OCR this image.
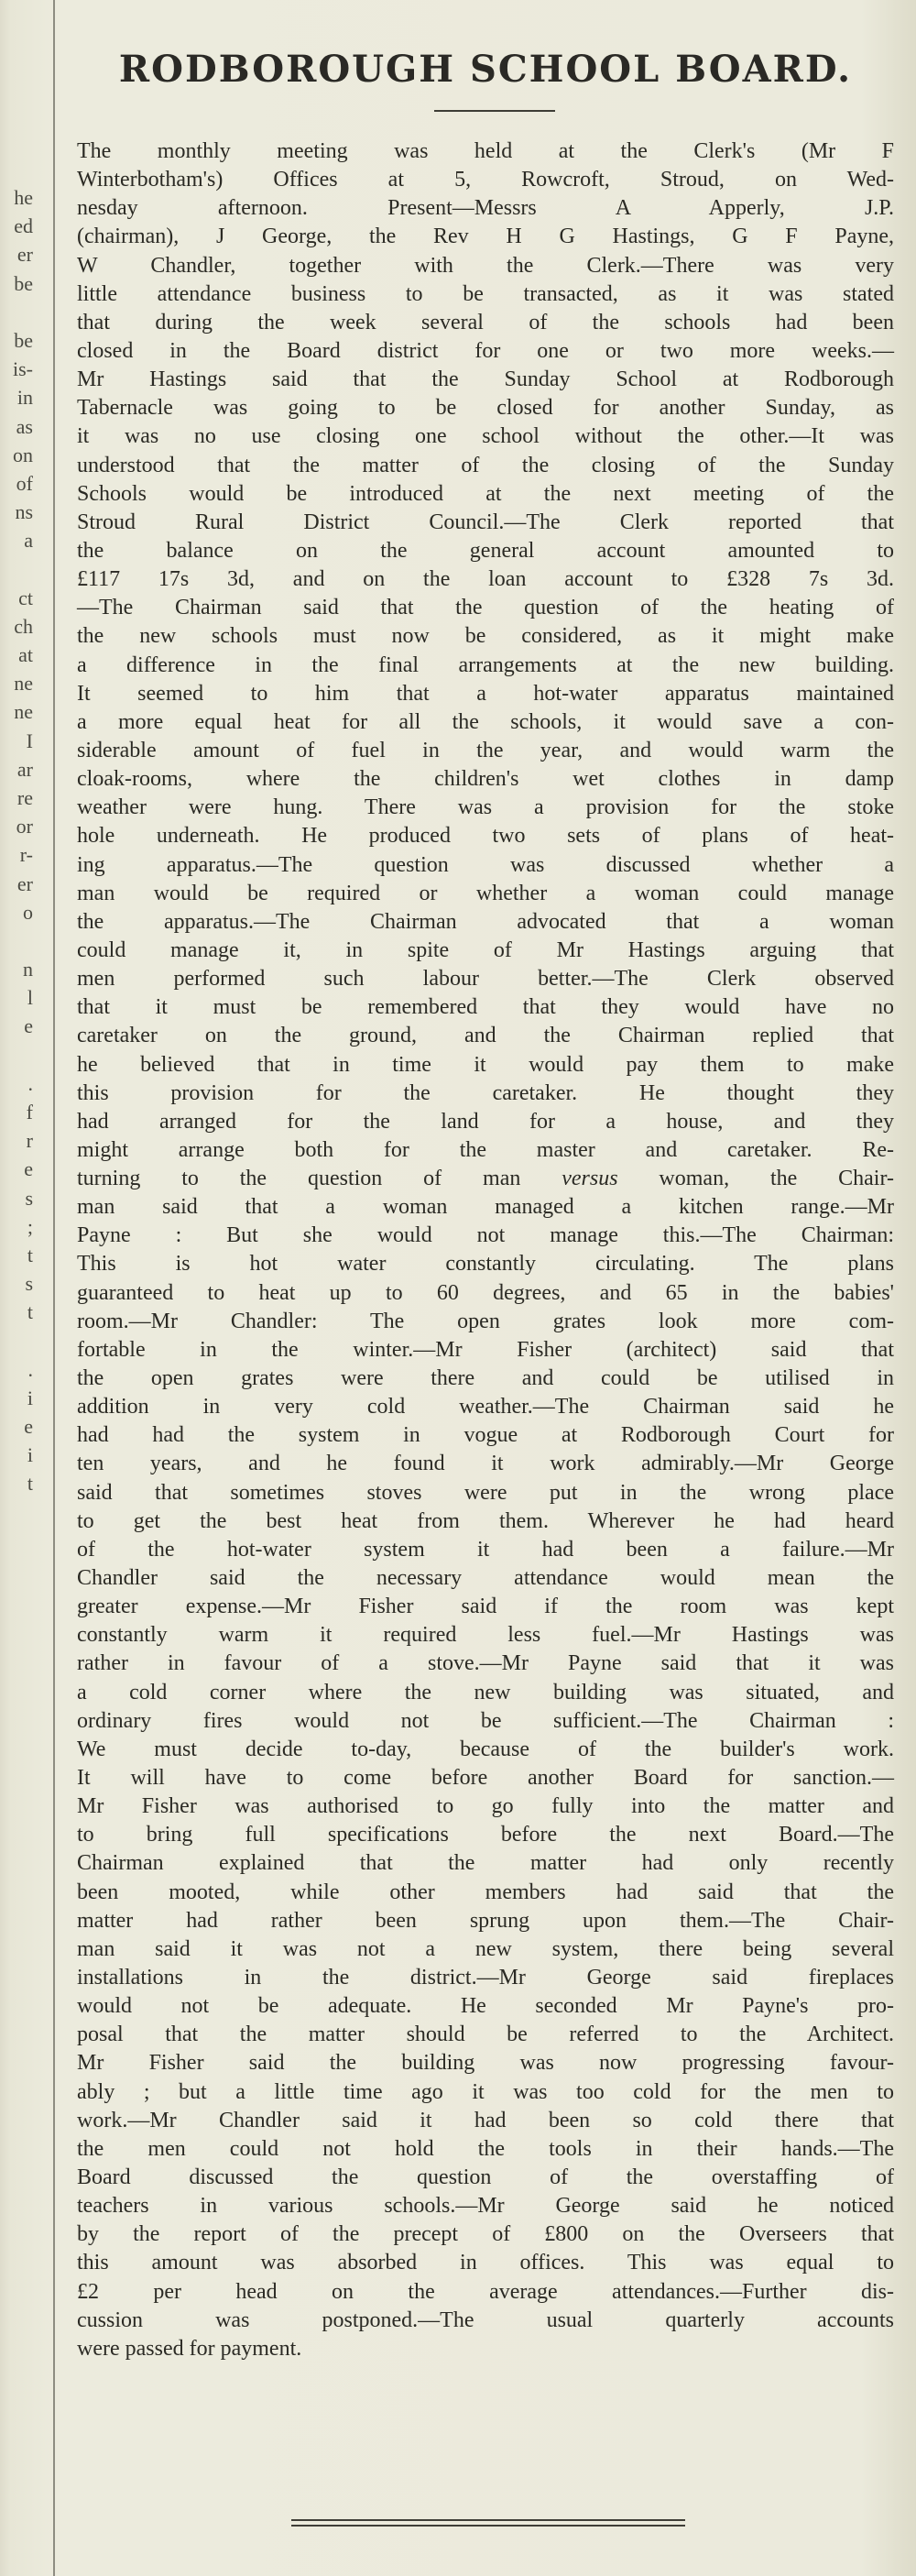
he
ed
er
be
be
is-
in
as
on
of
ns
a
ct
ch
at
ne
ne
I
ar
re
or
r-
er
o
n
l
e
.
f
r
e
s
;
t
s
t
.
i
e
i
t
RODBOROUGH SCHOOL BOARD.
The monthly meeting was held at the Clerk's (Mr F
Winterbotham's) Offices at 5, Rowcroft, Stroud, on Wed-
nesday afternoon. Present—Messrs A Apperly, J.P.
(chairman), J George, the Rev H G Hastings, G F Payne,
W Chandler, together with the Clerk.—There was very
little attendance business to be transacted, as it was stated
that during the week several of the schools had been
closed in the Board district for one or two more weeks.—
Mr Hastings said that the Sunday School at Rodborough
Tabernacle was going to be closed for another Sunday, as
it was no use closing one school without the other.—It was
understood that the matter of the closing of the Sunday
Schools would be introduced at the next meeting of the
Stroud Rural District Council.—The Clerk reported that
the balance on the general account amounted to
£117 17s 3d, and on the loan account to £328 7s 3d.
—The Chairman said that the question of the heating of
the new schools must now be considered, as it might make
a difference in the final arrangements at the new building.
It seemed to him that a hot-water apparatus maintained
a more equal heat for all the schools, it would save a con-
siderable amount of fuel in the year, and would warm the
cloak-rooms, where the children's wet clothes in damp
weather were hung. There was a provision for the stoke
hole underneath. He produced two sets of plans of heat-
ing apparatus.—The question was discussed whether a
man would be required or whether a woman could manage
the apparatus.—The Chairman advocated that a woman
could manage it, in spite of Mr Hastings arguing that
men performed such labour better.—The Clerk observed
that it must be remembered that they would have no
caretaker on the ground, and the Chairman replied that
he believed that in time it would pay them to make
this provision for the caretaker. He thought they
had arranged for the land for a house, and they
might arrange both for the master and caretaker. Re-
turning to the question of man versus woman, the Chair-
man said that a woman managed a kitchen range.—Mr
Payne : But she would not manage this.—The Chairman:
This is hot water constantly circulating. The plans
guaranteed to heat up to 60 degrees, and 65 in the babies'
room.—Mr Chandler: The open grates look more com-
fortable in the winter.—Mr Fisher (architect) said that
the open grates were there and could be utilised in
addition in very cold weather.—The Chairman said he
had had the system in vogue at Rodborough Court for
ten years, and he found it work admirably.—Mr George
said that sometimes stoves were put in the wrong place
to get the best heat from them. Wherever he had heard
of the hot-water system it had been a failure.—Mr
Chandler said the necessary attendance would mean the
greater expense.—Mr Fisher said if the room was kept
constantly warm it required less fuel.—Mr Hastings was
rather in favour of a stove.—Mr Payne said that it was
a cold corner where the new building was situated, and
ordinary fires would not be sufficient.—The Chairman :
We must decide to-day, because of the builder's work.
It will have to come before another Board for sanction.—
Mr Fisher was authorised to go fully into the matter and
to bring full specifications before the next Board.—The
Chairman explained that the matter had only recently
been mooted, while other members had said that the
matter had rather been sprung upon them.—The Chair-
man said it was not a new system, there being several
installations in the district.—Mr George said fireplaces
would not be adequate. He seconded Mr Payne's pro-
posal that the matter should be referred to the Architect.
Mr Fisher said the building was now progressing favour-
ably ; but a little time ago it was too cold for the men to
work.—Mr Chandler said it had been so cold there that
the men could not hold the tools in their hands.—The
Board discussed the question of the overstaffing of
teachers in various schools.—Mr George said he noticed
by the report of the precept of £800 on the Overseers that
this amount was absorbed in offices. This was equal to
£2 per head on the average attendances.—Further dis-
cussion was postponed.—The usual quarterly accounts
were passed for payment.
